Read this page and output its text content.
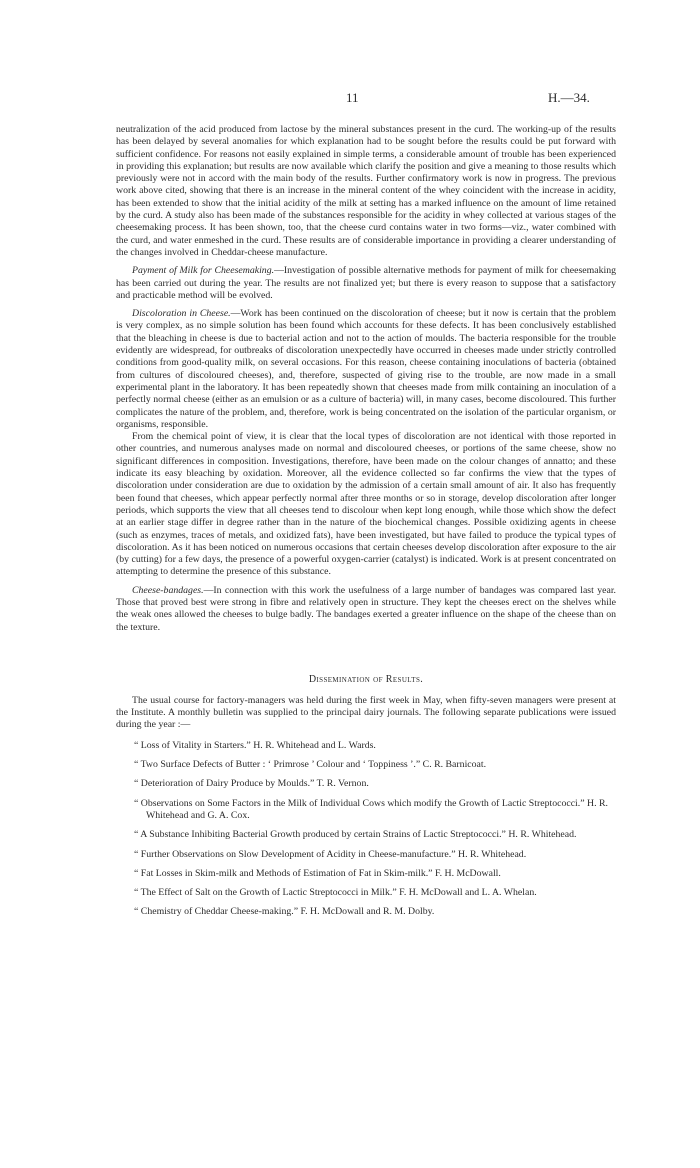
11	H.—34.

neutralization of the acid produced from lactose by the mineral substances present in the curd. The working-up of the results has been delayed by several anomalies for which explanation had to be sought before the results could be put forward with sufficient confidence. For reasons not easily explained in simple terms, a considerable amount of trouble has been experienced in providing this explanation; but results are now available which clarify the position and give a meaning to those results which previously were not in accord with the main body of the results. Further confirmatory work is now in progress. The previous work above cited, showing that there is an increase in the mineral content of the whey coincident with the increase in acidity, has been extended to show that the initial acidity of the milk at setting has a marked influence on the amount of lime retained by the curd. A study also has been made of the substances responsible for the acidity in whey collected at various stages of the cheesemaking process. It has been shown, too, that the cheese curd contains water in two forms—viz., water combined with the curd, and water enmeshed in the curd. These results are of considerable importance in providing a clearer understanding of the changes involved in Cheddar-cheese manufacture.

Payment of Milk for Cheesemaking.—Investigation of possible alternative methods for payment of milk for cheesemaking has been carried out during the year. The results are not finalized yet; but there is every reason to suppose that a satisfactory and practicable method will be evolved.

Discoloration in Cheese.—Work has been continued on the discoloration of cheese; but it now is certain that the problem is very complex, as no simple solution has been found which accounts for these defects. It has been conclusively established that the bleaching in cheese is due to bacterial action and not to the action of moulds. The bacteria responsible for the trouble evidently are widespread, for outbreaks of discoloration unexpectedly have occurred in cheeses made under strictly controlled conditions from good-quality milk, on several occasions. For this reason, cheese containing inoculations of bacteria (obtained from cultures of discoloured cheeses), and, therefore, suspected of giving rise to the trouble, are now made in a small experimental plant in the laboratory. It has been repeatedly shown that cheeses made from milk containing an inoculation of a perfectly normal cheese (either as an emulsion or as a culture of bacteria) will, in many cases, become discoloured. This further complicates the nature of the problem, and, therefore, work is being concentrated on the isolation of the particular organism, or organisms, responsible.

From the chemical point of view, it is clear that the local types of discoloration are not identical with those reported in other countries, and numerous analyses made on normal and discoloured cheeses, or portions of the same cheese, show no significant differences in composition. Investigations, therefore, have been made on the colour changes of annatto; and these indicate its easy bleaching by oxidation. Moreover, all the evidence collected so far confirms the view that the types of discoloration under consideration are due to oxidation by the admission of a certain small amount of air. It also has frequently been found that cheeses, which appear perfectly normal after three months or so in storage, develop discoloration after longer periods, which supports the view that all cheeses tend to discolour when kept long enough, while those which show the defect at an earlier stage differ in degree rather than in the nature of the biochemical changes. Possible oxidizing agents in cheese (such as enzymes, traces of metals, and oxidized fats), have been investigated, but have failed to produce the typical types of discoloration. As it has been noticed on numerous occasions that certain cheeses develop discoloration after exposure to the air (by cutting) for a few days, the presence of a powerful oxygen-carrier (catalyst) is indicated. Work is at present concentrated on attempting to determine the presence of this substance.

Cheese-bandages.—In connection with this work the usefulness of a large number of bandages was compared last year. Those that proved best were strong in fibre and relatively open in structure. They kept the cheeses erect on the shelves while the weak ones allowed the cheeses to bulge badly. The bandages exerted a greater influence on the shape of the cheese than on the texture.

Dissemination of Results.

The usual course for factory-managers was held during the first week in May, when fifty-seven managers were present at the Institute. A monthly bulletin was supplied to the principal dairy journals. The following separate publications were issued during the year :—

“ Loss of Vitality in Starters.” H. R. Whitehead and L. Wards.
“ Two Surface Defects of Butter : ‘ Primrose ’ Colour and ‘ Toppiness ’.” C. R. Barnicoat.
“ Deterioration of Dairy Produce by Moulds.” T. R. Vernon.
“ Observations on Some Factors in the Milk of Individual Cows which modify the Growth of Lactic Streptococci.” H. R. Whitehead and G. A. Cox.
“ A Substance Inhibiting Bacterial Growth produced by certain Strains of Lactic Streptococci.” H. R. Whitehead.
“ Further Observations on Slow Development of Acidity in Cheese-manufacture.” H. R. Whitehead.
“ Fat Losses in Skim-milk and Methods of Estimation of Fat in Skim-milk.” F. H. McDowall.
“ The Effect of Salt on the Growth of Lactic Streptococci in Milk.” F. H. McDowall and L. A. Whelan.
“ Chemistry of Cheddar Cheese-making.” F. H. McDowall and R. M. Dolby.
